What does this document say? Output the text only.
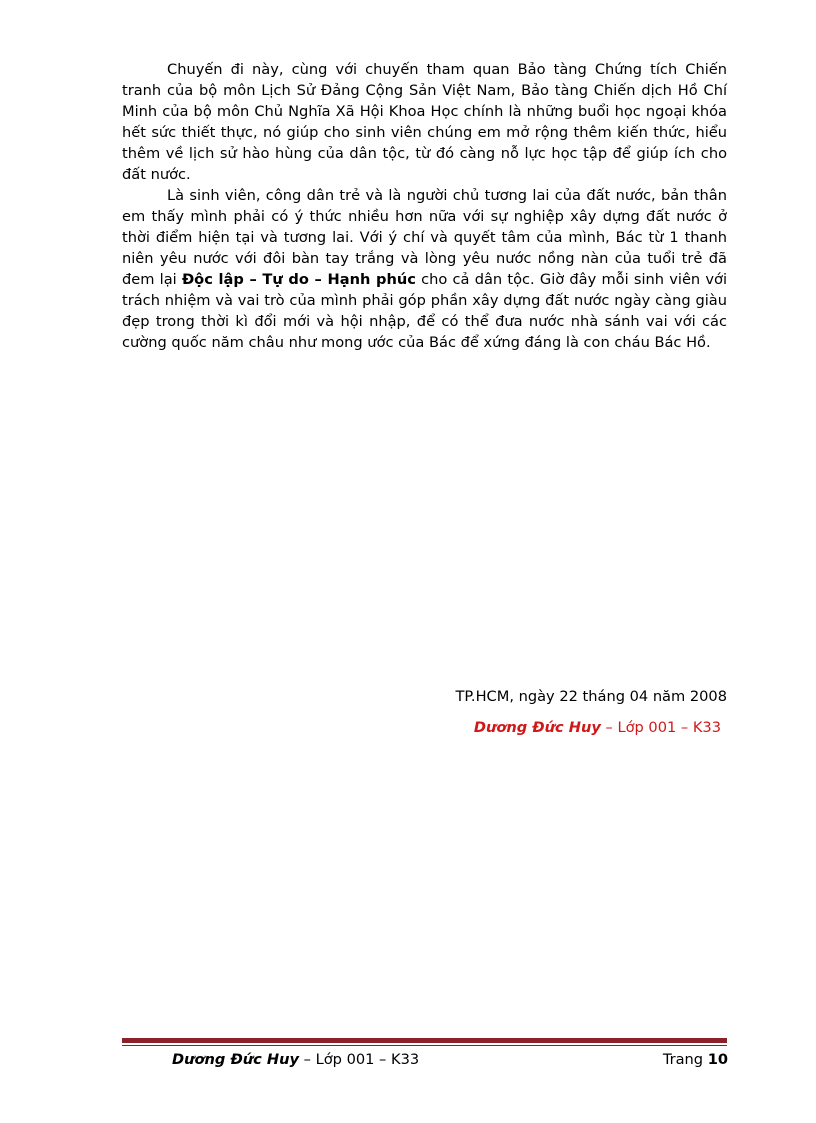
Chuyến đi này, cùng với chuyến tham quan Bảo tàng Chứng tích Chiến tranh của bộ môn Lịch Sử Đảng Cộng Sản Việt Nam, Bảo tàng Chiến dịch Hồ Chí Minh của bộ môn Chủ Nghĩa Xã Hội Khoa Học chính là những buổi học ngoại khóa hết sức thiết thực, nó giúp cho sinh viên chúng em mở rộng thêm kiến thức, hiểu thêm về lịch sử hào hùng của dân tộc, từ đó càng nỗ lực học tập để giúp ích cho đất nước.

Là sinh viên, công dân trẻ và là người chủ tương lai của đất nước, bản thân em thấy mình phải có ý thức nhiều hơn nữa với sự nghiệp xây dựng đất nước ở thời điểm hiện tại và tương lai. Với ý chí và quyết tâm của mình, Bác từ 1 thanh niên yêu nước với đôi bàn tay trắng và lòng yêu nước nồng nàn của tuổi trẻ đã đem lại Độc lập – Tự do – Hạnh phúc cho cả dân tộc. Giờ đây mỗi sinh viên với trách nhiệm và vai trò của mình phải góp phần xây dựng đất nước ngày càng giàu đẹp trong thời kì đổi mới và hội nhập, để có thể đưa nước nhà sánh vai với các cường quốc năm châu như mong ước của Bác để xứng đáng là con cháu Bác Hồ.

TP.HCM, ngày 22 tháng 04 năm 2008
Dương Đức Huy – Lớp 001 – K33
Dương Đức Huy – Lớp 001 – K33	Trang 10
